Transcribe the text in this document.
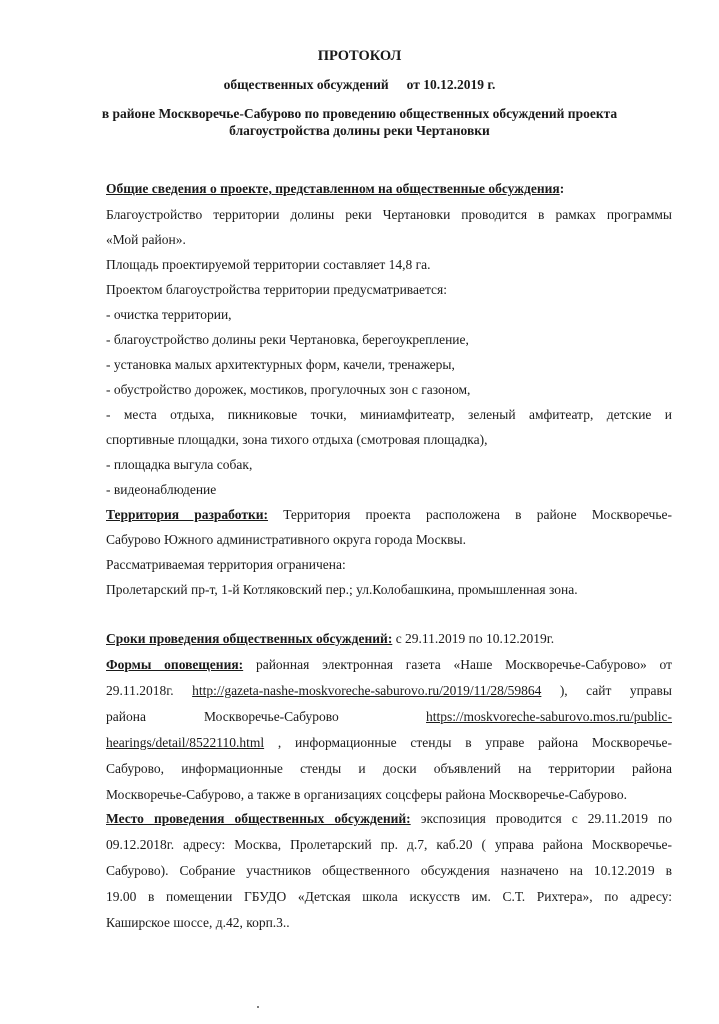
ПРОТОКОЛ
общественных обсуждений от 10.12.2019 г.
в районе Москворечье-Сабурово по проведению общественных обсуждений проекта
благоустройства долины реки Чертановки
Общие сведения о проекте, представленном на общественные обсуждения:
Благоустройство территории долины реки Чертановки проводится в рамках программы
«Мой район».
Площадь проектируемой территории составляет 14,8 га.
Проектом благоустройства территории предусматривается:
- очистка территории,
- благоустройство долины реки Чертановка, берегоукрепление,
- установка малых архитектурных форм, качели, тренажеры,
- обустройство дорожек, мостиков, прогулочных зон с газоном,
- места отдыха, пикниковые точки, миниамфитеатр, зеленый амфитеатр, детские и
спортивные площадки, зона тихого отдыха (смотровая площадка),
- площадка выгула собак,
- видеонаблюдение
Территория разработки: Территория проекта расположена в районе Москворечье-
Сабурово Южного административного округа города Москвы.
Рассматриваемая территория ограничена:
Пролетарский пр-т, 1-й Котляковский пер.; ул.Колобашкина, промышленная зона.
Сроки проведения общественных обсуждений: с 29.11.2019 по 10.12.2019г.
Формы оповещения: районная электронная газета «Наше Москворечье-Сабурово» от
29.11.2018г. http://gazeta-nashe-moskvoreche-saburovo.ru/2019/11/28/59864 ), сайт управы
района	Москворечье-Сабурово	https://moskvoreche-saburovo.mos.ru/public-
hearings/detail/8522110.html , информационные стенды в управе района Москворечье-
Сабурово, информационные стенды и доски объявлений на территории района
Москворечье-Сабурово, а также в организациях соцсферы района Москворечье-Сабурово.
Место проведения общественных обсуждений: экспозиция проводится с 29.11.2019 по
09.12.2018г. адресу: Москва, Пролетарский пр. д.7, каб.20 ( управа района Москворечье-
Сабурово). Собрание участников общественного обсуждения назначено на 10.12.2019 в
19.00 в помещении ГБУДО «Детская школа искусств им. С.Т. Рихтера», по адресу:
Каширское шоссе, д.42, корп.3..
